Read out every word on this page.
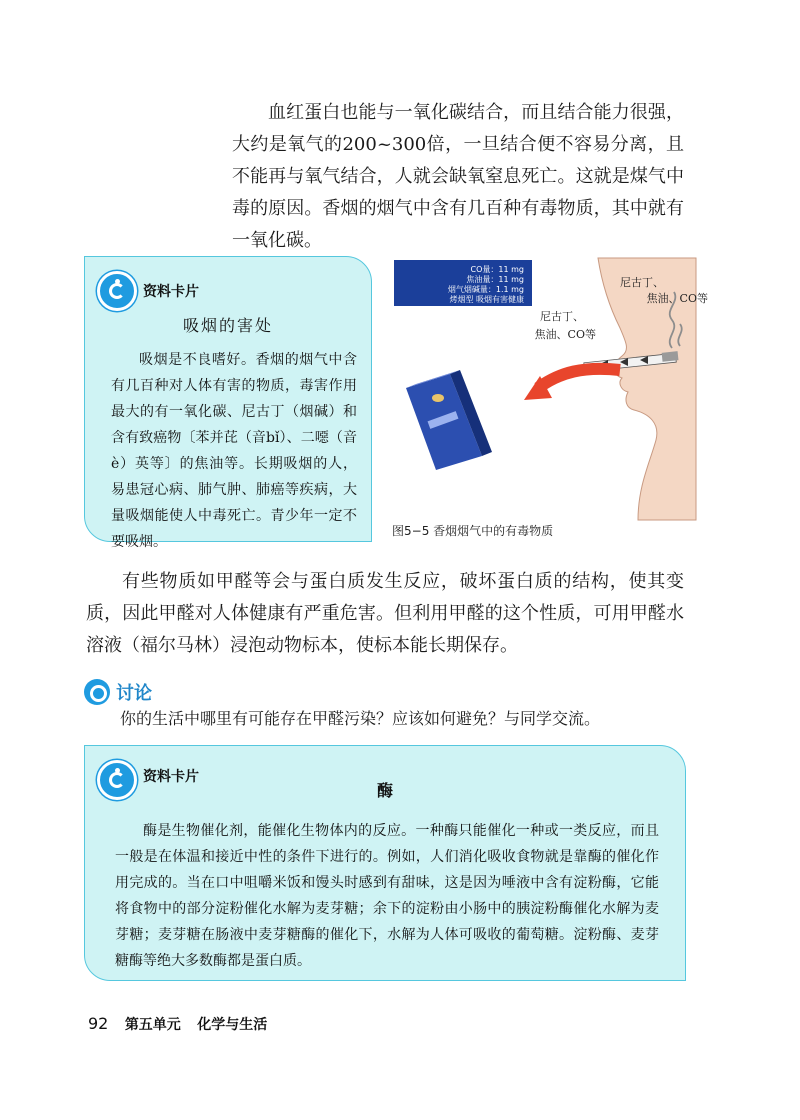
血红蛋白也能与一氧化碳结合，而且结合能力很强，大约是氧气的200~300倍，一旦结合便不容易分离，且不能再与氧气结合，人就会缺氧窒息死亡。这就是煤气中毒的原因。香烟的烟气中含有几百种有毒物质，其中就有一氧化碳。

资料卡片
吸烟的害处

吸烟是不良嗜好。香烟的烟气中含有几百种对人体有害的物质，毒害作用最大的有一氧化碳、尼古丁（烟碱）和含有致癌物〔苯并芘（音bǐ）、二噁（音è）英等〕的焦油等。长期吸烟的人，易患冠心病、肺气肿、肺癌等疾病，大量吸烟能使人中毒死亡。青少年一定不要吸烟。

CO量：11 mg
焦油量：11 mg
烟气烟碱量：1.1 mg
烤烟型 吸烟有害健康
尼古丁、
焦油、CO等
尼古丁、
焦油、CO等
图5−5 香烟烟气中的有毒物质

有些物质如甲醛等会与蛋白质发生反应，破坏蛋白质的结构，使其变质，因此甲醛对人体健康有严重危害。但利用甲醛的这个性质，可用甲醛水溶液（福尔马林）浸泡动物标本，使标本能长期保存。

讨论
你的生活中哪里有可能存在甲醛污染？应该如何避免？与同学交流。
资料卡片
酶

酶是生物催化剂，能催化生物体内的反应。一种酶只能催化一种或一类反应，而且一般是在体温和接近中性的条件下进行的。例如，人们消化吸收食物就是靠酶的催化作用完成的。当在口中咀嚼米饭和馒头时感到有甜味，这是因为唾液中含有淀粉酶，它能将食物中的部分淀粉催化水解为麦芽糖；余下的淀粉由小肠中的胰淀粉酶催化水解为麦芽糖；麦芽糖在肠液中麦芽糖酶的催化下，水解为人体可吸收的葡萄糖。淀粉酶、麦芽糖酶等绝大多数酶都是蛋白质。

92 第五单元 化学与生活
